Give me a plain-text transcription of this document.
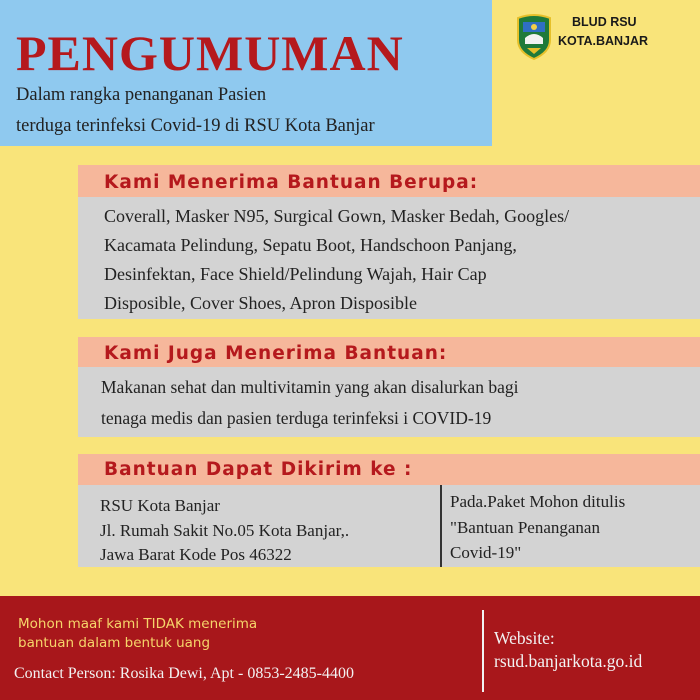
PENGUMUMAN
Dalam rangka penanganan Pasien
terduga terinfeksi Covid-19 di RSU Kota Banjar
BLUD RSU
KOTA.BANJAR
Kami Menerima Bantuan Berupa:
Coverall, Masker N95, Surgical Gown, Masker Bedah, Googles/
Kacamata Pelindung, Sepatu Boot, Handschoon Panjang,
Desinfektan, Face Shield/Pelindung Wajah, Hair Cap
Disposible, Cover Shoes, Apron Disposible
Kami Juga Menerima Bantuan:
Makanan sehat dan multivitamin yang akan disalurkan bagi
tenaga medis dan pasien terduga terinfeksi i COVID-19
Bantuan Dapat Dikirim ke :
RSU Kota Banjar
Jl. Rumah Sakit No.05 Kota Banjar,.
Jawa Barat Kode Pos 46322
Pada.Paket Mohon ditulis
"Bantuan Penanganan
Covid-19"
Mohon maaf kami TIDAK menerima
bantuan dalam bentuk uang
Contact Person: Rosika Dewi, Apt - 0853-2485-4400
Website:
rsud.banjarkota.go.id
